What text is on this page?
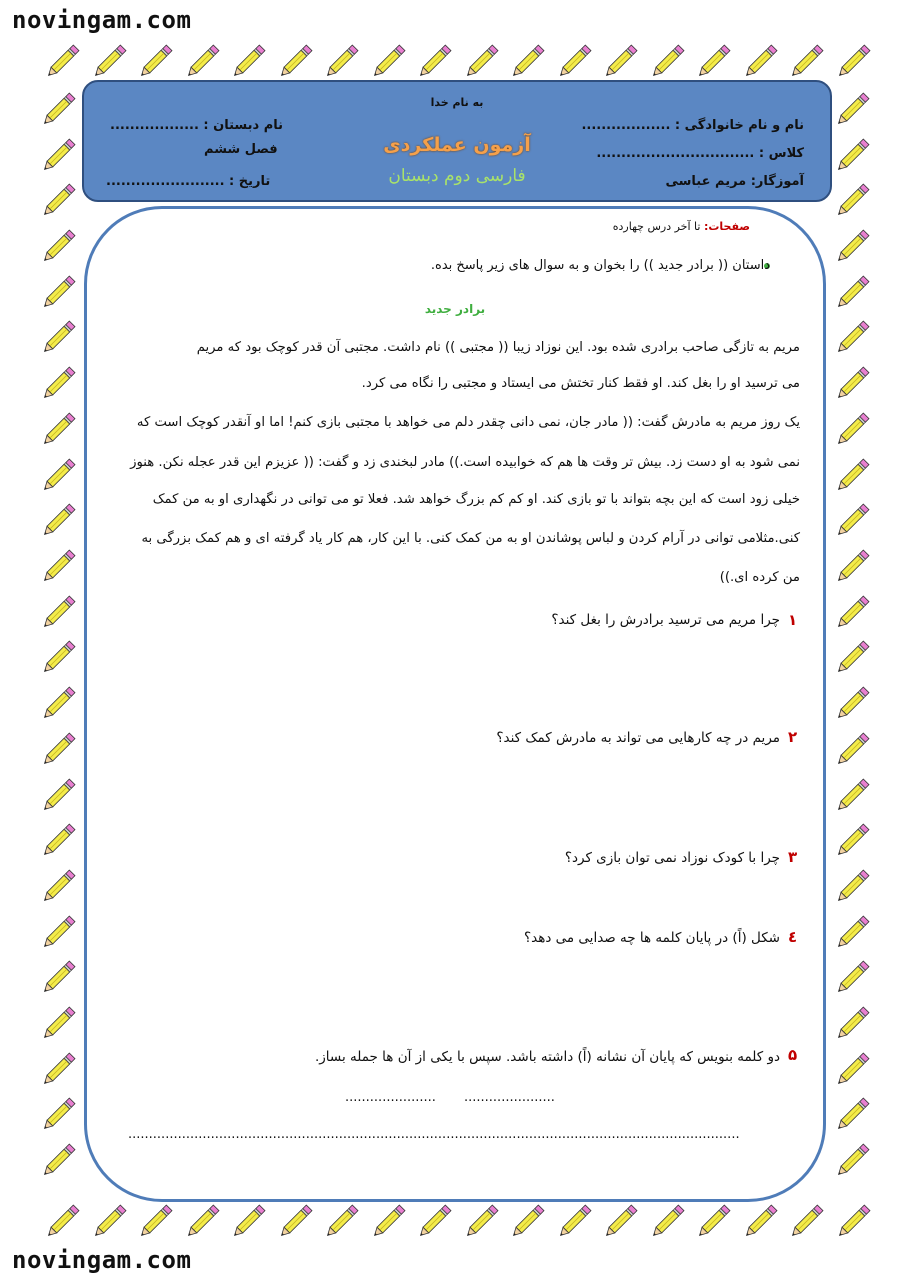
novingam.com
novingam.com
به نام خدا
نام و نام خانوادگی : ..................
کلاس : ................................
آموزگار: مریم عباسی
نام دبستان : ..................
فصل ششم
تاریخ : ........................
آزمون عملکردی
فارسی دوم دبستان
صفحات: تا آخر درس چهارده
داستان (( برادر جدید )) را بخوان و به سوال های زیر پاسخ بده.
برادر جدید
مریم به تازگی صاحب برادری شده بود. این نوزاد زیبا (( مجتبی )) نام داشت. مجتبی آن قدر کوچک بود که مریم
می ترسید او را بغل کند. او فقط کنار تختش می ایستاد و مجتبی را نگاه می کرد.
یک روز مریم به مادرش گفت: (( مادر جان، نمی دانی چقدر دلم می خواهد با مجتبی بازی کنم! اما او آنقدر کوچک است که
نمی شود به او دست زد. بیش تر وقت ها هم که خوابیده است.)) مادر لبخندی زد و گفت: (( عزیزم این قدر عجله نکن. هنوز
خیلی زود است که این بچه بتواند با تو بازی کند. او کم کم بزرگ خواهد شد. فعلا تو می توانی در نگهداری او به من کمک
کنی.مثلامی توانی در آرام کردن و لباس پوشاندن او به من کمک کنی. با این کار، هم کار یاد گرفته ای و هم کمک بزرگی به
من کرده ای.))
۱
چرا مریم می ترسید برادرش را بغل کند؟
۲
مریم در چه کارهایی می تواند به مادرش کمک کند؟
۳
چرا با کودک نوزاد نمی توان بازی کرد؟
٤
شکل (اً) در پایان کلمه ها چه صدایی می دهد؟
۵
دو کلمه بنویس که پایان آن نشانه (اً) داشته باشد. سپس با یکی از آن ها جمله بساز.
......................
......................
....................................................................................................................................................
